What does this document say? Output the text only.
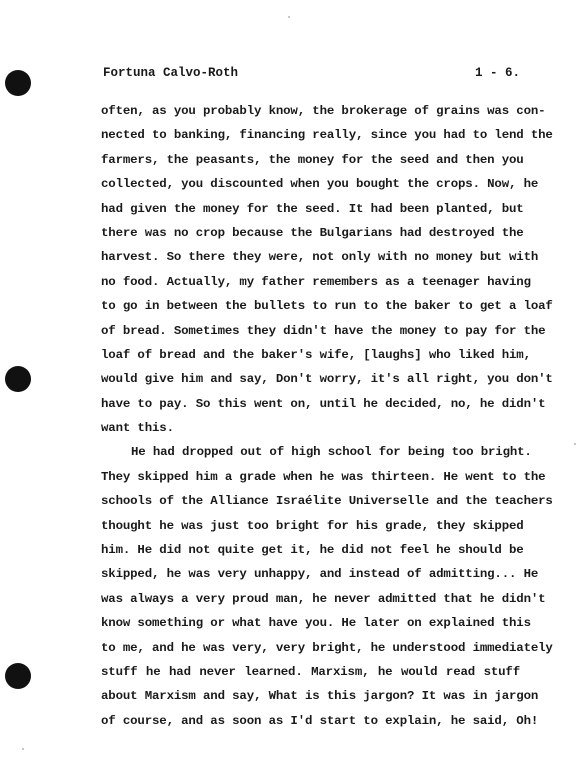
Fortuna Calvo-Roth	1 - 6.
often, as you probably know, the brokerage of grains was con-
nected to banking, financing really, since you had to lend the
farmers, the peasants, the money for the seed and then you
collected, you discounted when you bought the crops. Now, he
had given the money for the seed. It had been planted, but
there was no crop because the Bulgarians had destroyed the
harvest. So there they were, not only with no money but with
no food. Actually, my father remembers as a teenager having
to go in between the bullets to run to the baker to get a loaf
of bread. Sometimes they didn't have the money to pay for the
loaf of bread and the baker's wife, [laughs] who liked him,
would give him and say, Don't worry, it's all right, you don't
have to pay. So this went on, until he decided, no, he didn't
want this.
He had dropped out of high school for being too bright.
They skipped him a grade when he was thirteen. He went to the
schools of the Alliance Israélite Universelle and the teachers
thought he was just too bright for his grade, they skipped
him. He did not quite get it, he did not feel he should be
skipped, he was very unhappy, and instead of admitting... He
was always a very proud man, he never admitted that he didn't
know something or what have you. He later on explained this
to me, and he was very, very bright, he understood immediately
stuff he had never learned. Marxism, he would read stuff
about Marxism and say, What is this jargon? It was in jargon
of course, and as soon as I'd start to explain, he said, Oh!
